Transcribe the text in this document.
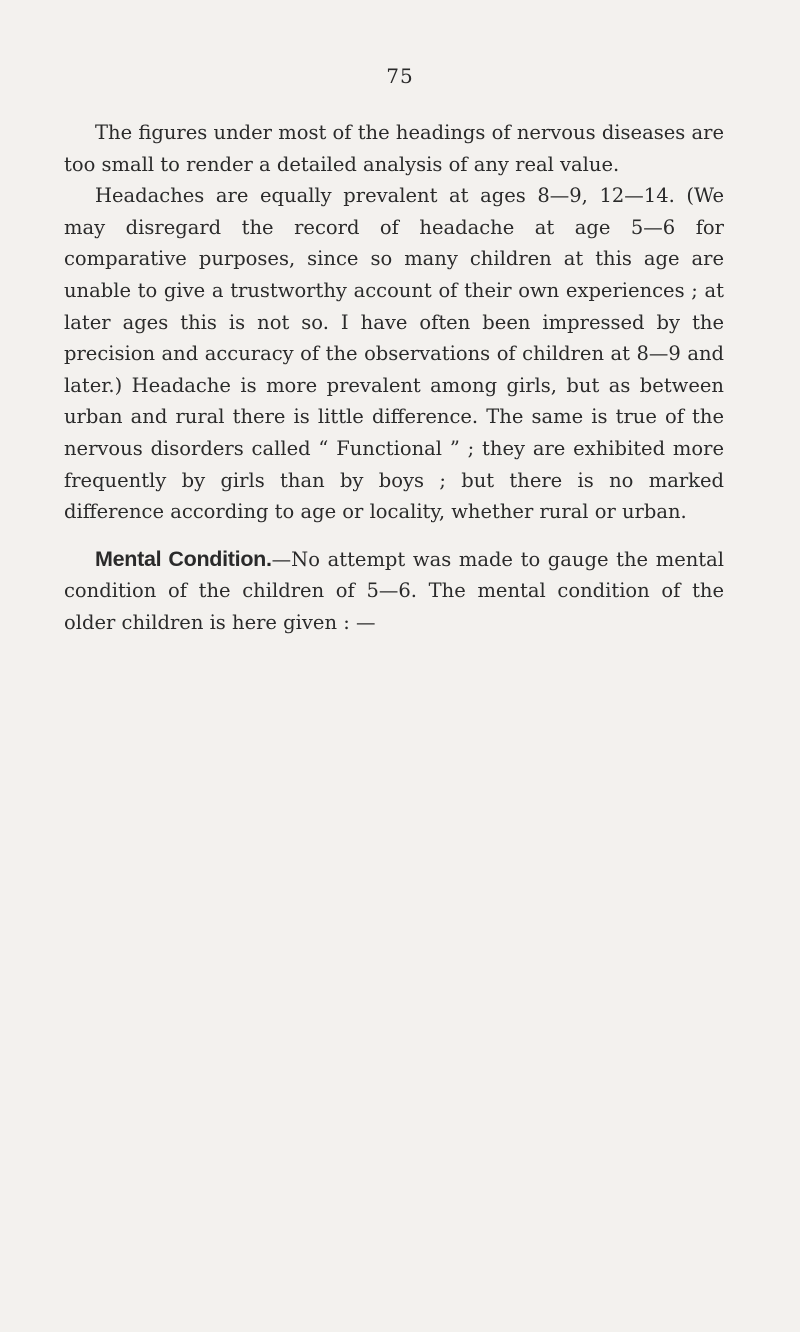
75

The figures under most of the headings of nervous diseases are too small to render a detailed analysis of any real value.

Headaches are equally prevalent at ages 8—9, 12—14. (We may disregard the record of headache at age 5—6 for comparative purposes, since so many children at this age are unable to give a trustworthy account of their own experiences ; at later ages this is not so. I have often been impressed by the precision and accuracy of the observations of children at 8—9 and later.) Headache is more prevalent among girls, but as between urban and rural there is little difference. The same is true of the nervous disorders called “ Functional ” ; they are exhibited more frequently by girls than by boys ; but there is no marked difference according to age or locality, whether rural or urban.

Mental Condition.—No attempt was made to gauge the mental condition of the children of 5—6. The mental condition of the older children is here given : —
